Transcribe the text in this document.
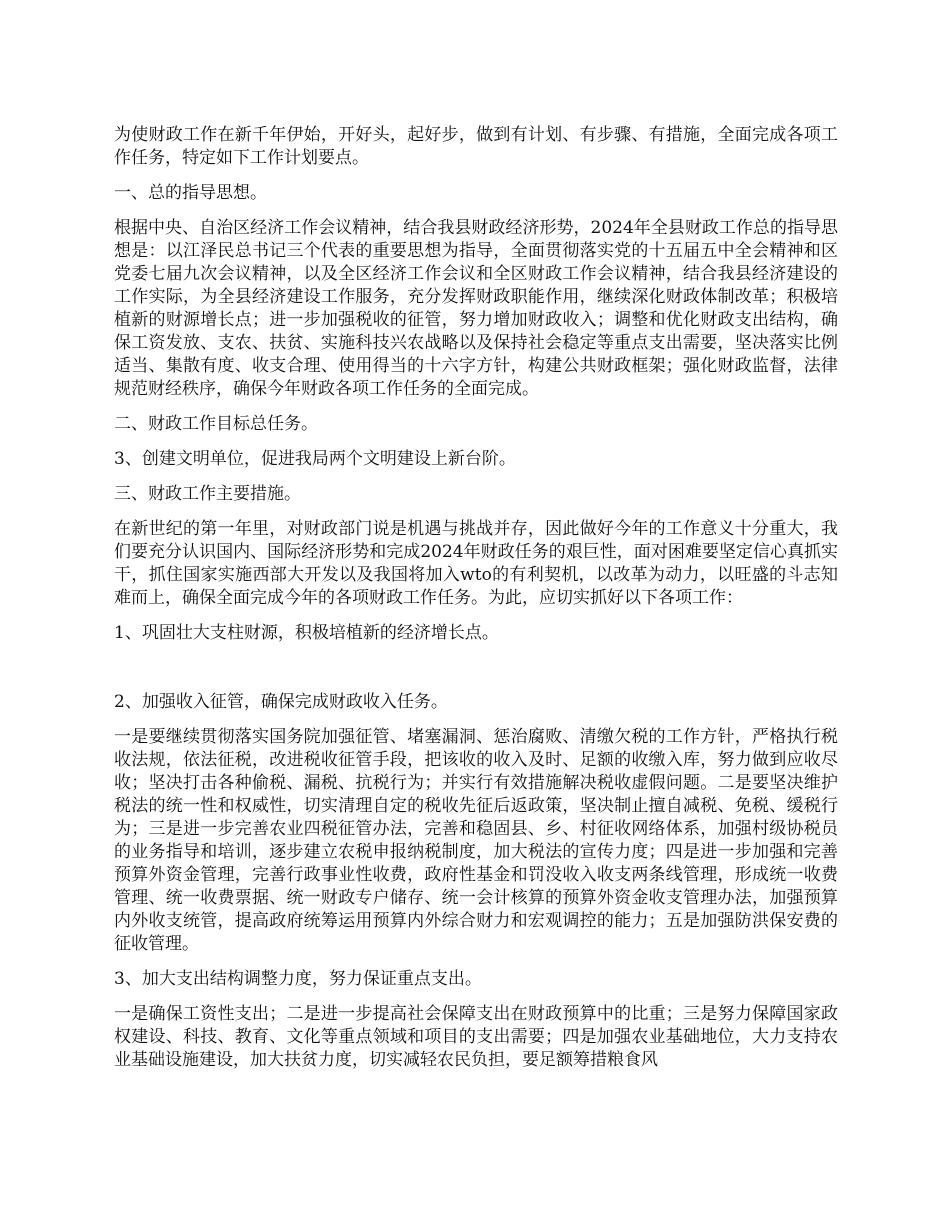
为使财政工作在新千年伊始，开好头，起好步，做到有计划、有步骤、有措施，全面完成各项工作任务，特定如下工作计划要点。

一、总的指导思想。

根据中央、自治区经济工作会议精神，结合我县财政经济形势，2024年全县财政工作总的指导思想是：以江泽民总书记三个代表的重要思想为指导，全面贯彻落实党的十五届五中全会精神和区党委七届九次会议精神，以及全区经济工作会议和全区财政工作会议精神，结合我县经济建设的工作实际，为全县经济建设工作服务，充分发挥财政职能作用，继续深化财政体制改革；积极培植新的财源增长点；进一步加强税收的征管，努力增加财政收入；调整和优化财政支出结构，确保工资发放、支农、扶贫、实施科技兴农战略以及保持社会稳定等重点支出需要，坚决落实比例适当、集散有度、收支合理、使用得当的十六字方针，构建公共财政框架；强化财政监督，法律规范财经秩序，确保今年财政各项工作任务的全面完成。

二、财政工作目标总任务。

3、创建文明单位，促进我局两个文明建设上新台阶。

三、财政工作主要措施。

在新世纪的第一年里，对财政部门说是机遇与挑战并存，因此做好今年的工作意义十分重大，我们要充分认识国内、国际经济形势和完成2024年财政任务的艰巨性，面对困难要坚定信心真抓实干，抓住国家实施西部大开发以及我国将加入wto的有利契机，以改革为动力，以旺盛的斗志知难而上，确保全面完成今年的各项财政工作任务。为此，应切实抓好以下各项工作：

1、巩固壮大支柱财源，积极培植新的经济增长点。

2、加强收入征管，确保完成财政收入任务。

一是要继续贯彻落实国务院加强征管、堵塞漏洞、惩治腐败、清缴欠税的工作方针，严格执行税收法规，依法征税，改进税收征管手段，把该收的收入及时、足额的收缴入库，努力做到应收尽收；坚决打击各种偷税、漏税、抗税行为；并实行有效措施解决税收虚假问题。二是要坚决维护税法的统一性和权威性，切实清理自定的税收先征后返政策，坚决制止擅自减税、免税、缓税行为；三是进一步完善农业四税征管办法，完善和稳固县、乡、村征收网络体系，加强村级协税员的业务指导和培训，逐步建立农税申报纳税制度，加大税法的宣传力度；四是进一步加强和完善预算外资金管理，完善行政事业性收费，政府性基金和罚没收入收支两条线管理，形成统一收费管理、统一收费票据、统一财政专户储存、统一会计核算的预算外资金收支管理办法，加强预算内外收支统管，提高政府统筹运用预算内外综合财力和宏观调控的能力；五是加强防洪保安费的征收管理。

3、加大支出结构调整力度，努力保证重点支出。

一是确保工资性支出；二是进一步提高社会保障支出在财政预算中的比重；三是努力保障国家政权建设、科技、教育、文化等重点领域和项目的支出需要；四是加强农业基础地位，大力支持农业基础设施建设，加大扶贫力度，切实减轻农民负担，要足额筹措粮食风
